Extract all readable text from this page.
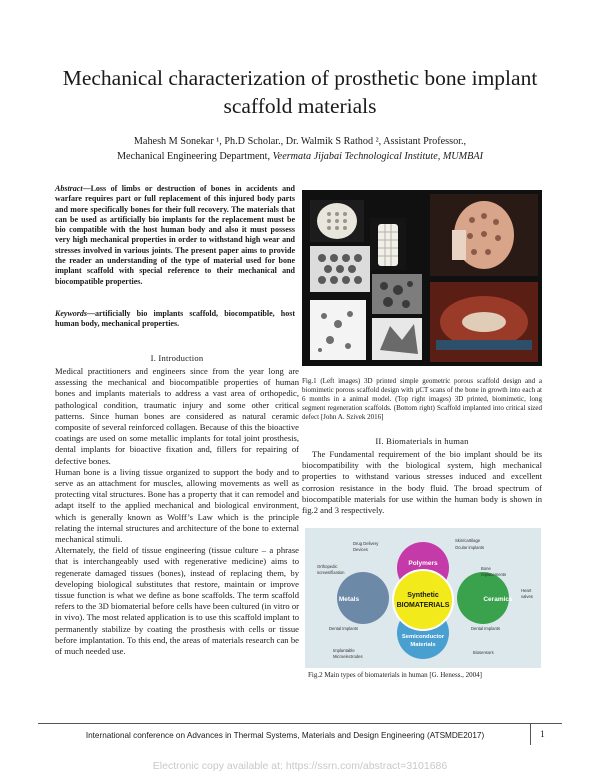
Mechanical characterization of prosthetic bone implant scaffold materials
Mahesh M Sonekar ¹, Ph.D Scholar., Dr. Walmik S Rathod ², Assistant Professor.,
Mechanical Engineering Department, Veermata Jijabai Technological Institute, MUMBAI
Abstract—Loss of limbs or destruction of bones in accidents and warfare requires part or full replacement of this injured body parts and more specifically bones for their full recovery. The materials that can be used as artificially bio implants for the replacement must be bio compatible with the host human body and also it must possess very high mechanical properties in order to withstand high wear and stresses involved in various joints. The present paper aims to provide the reader an understanding of the type of material used for bone implant scaffold with special reference to their mechanical and biocompatible properties.
Keywords—artificially bio implants scaffold, biocompatible, host human body, mechanical properties.
I. Introduction

Medical practitioners and engineers since from the year long are assessing the mechanical and biocompatible properties of human bones and implants materials to address a vast area of orthopedic, pathological condition, traumatic injury and some other critical patterns. Since human bones are considered as natural ceramic composite of several reinforced collagen. Because of this the bioactive coatings are used on some metallic implants for total joint prosthesis, dental implants for bioactive fixation and, fillers for repairing of defective bones.

Human bone is a living tissue organized to support the body and to serve as an attachment for muscles, allowing movements as well as protecting vital structures. Bone has a property that it can remodel and adapt itself to the applied mechanical and biological environment, which is generally known as Wolff’s Law which is the principle relating the internal structures and architecture of the bone to external mechanical stimuli.

Alternately, the field of tissue engineering (tissue culture – a phrase that is interchangeably used with regenerative medicine) aims to regenerate damaged tissues (bones), instead of replacing them, by developing biological substitutes that restore, maintain or improve tissue function is what we define as bone scaffolds. The term scaffold refers to the 3D biomaterial before cells have been cultured (in vitro or in vivo). The most related application is to use this scaffold implant to permanently stabilize by coating the prosthesis with cells or tissue before implantation. To this end, the areas of materials research can be of much needed use.

Fig.1 (Left images) 3D printed simple geometric porous scaffold design and a biomimetic porous scaffold design with µCT scans of the bone in growth into each at 6 months in a animal model. (Top right images) 3D printed, biomimetic, long segment regeneration scaffolds. (Bottom right) Scaffold implanted into critical sized defect [John A. Szivek 2016]
II. Biomaterials in human

The Fundamental requirement of the bio implant should be its biocompatibility with the biological system, high mechanical properties to withstand various stresses induced and excellent corrosion resistance in the body fluid. The broad spectrum of biocompatible materials for use within the human body is shown in fig.2 and 3 respectively.

Synthetic
BIOMATERIALS
Polymers
Metals	Ceramics
Semiconductor
Materials
Drug Delivery
Devices
Skin/cartilage
Ocular implants
Orthopedic
screws/fixation
Bone
replacements
Heart
valves
Dental Implants	Dental Implants
Implantable
Microelectrodes
Biosensors
Fig.2 Main types of biomaterials in human [G. Heness., 2004]
International conference on Advances in Thermal Systems, Materials and Design Engineering (ATSMDE2017)	1
Electronic copy available at: https://ssrn.com/abstract=3101686
